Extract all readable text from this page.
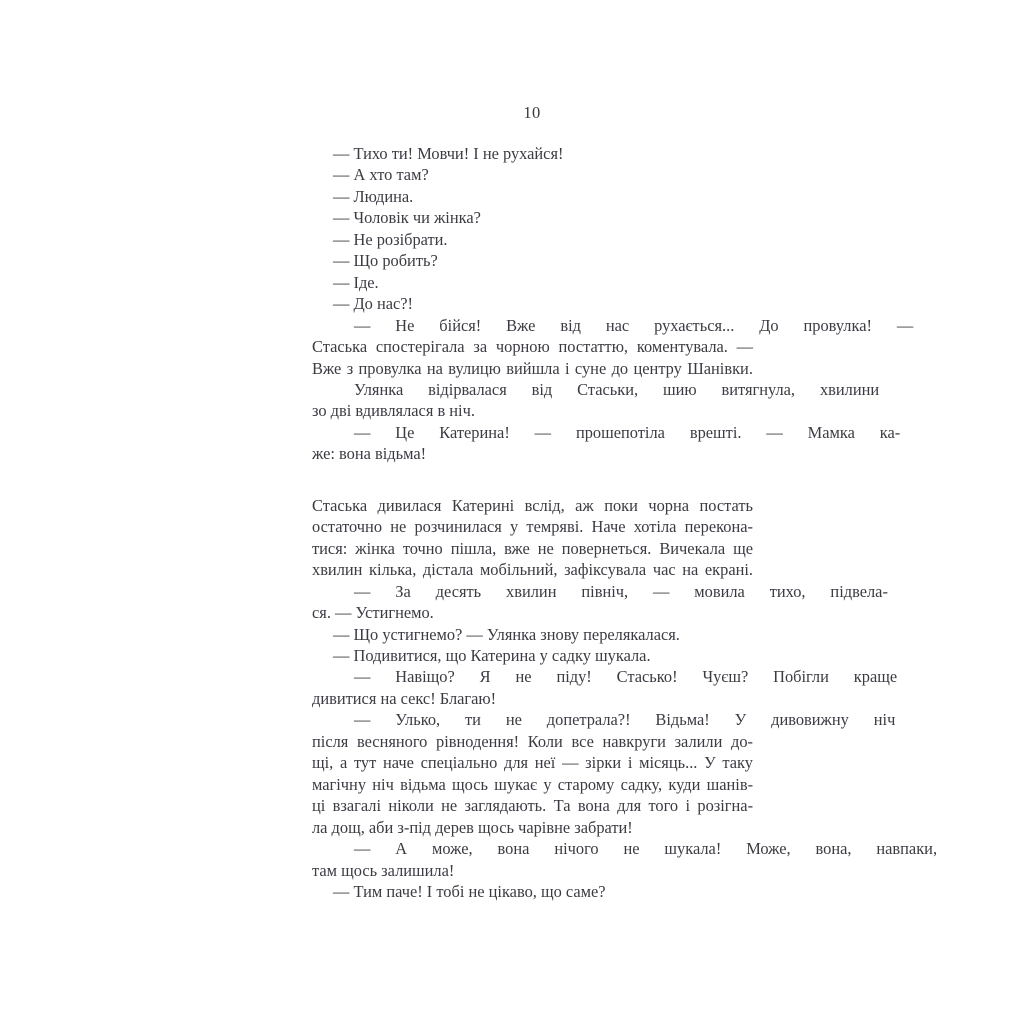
10
— Тихо ти! Мовчи! І не рухайся!
— А хто там?
— Людина.
— Чоловік чи жінка?
— Не розібрати.
— Що робить?
— Іде.
— До нас?!
—	Не	бійся!	Вже	від	нас	рухається...	До	провулка!	—
Стаська спостерігала за чорною постаттю, коментувала. —
Вже з провулка на вулицю вийшла і суне до центру Шанівки.
Улянка	відірвалася	від	Стаськи,	шию	витягнула,	хвилини
зо дві вдивлялася в ніч.
—	Це	Катерина!	—	прошепотіла	врешті.	—	Мамка	ка-
же: вона відьма!
Стаська дивилася Катерині вслід, аж поки чорна постать
остаточно не розчинилася у темряві. Наче хотіла перекона-
тися: жінка точно пішла, вже не повернеться. Вичекала ще
хвилин кілька, дістала мобільний, зафіксувала час на екрані.
—	За	десять	хвилин	північ,	—	мовила	тихо,	підвела-
ся. — Устигнемо.
— Що устигнемо? — Улянка знову перелякалася.
— Подивитися, що Катерина у садку шукала.
—	Навіщо?	Я	не	піду!	Стасько!	Чуєш?	Побігли	краще
дивитися на секс! Благаю!
—	Улько,	ти	не	допетрала?!	Відьма!	У	дивовижну	ніч
після весняного рівнодення! Коли все навкруги залили до-
щі, а тут наче спеціально для неї — зірки і місяць... У таку
магічну ніч відьма щось шукає у старому садку, куди шанів-
ці взагалі ніколи не заглядають. Та вона для того і розігна-
ла дощ, аби з-під дерев щось чарівне забрати!
—	А	може,	вона	нічого	не	шукала!	Може,	вона,	навпаки,
там щось залишила!
— Тим паче! І тобі не цікаво, що саме?
